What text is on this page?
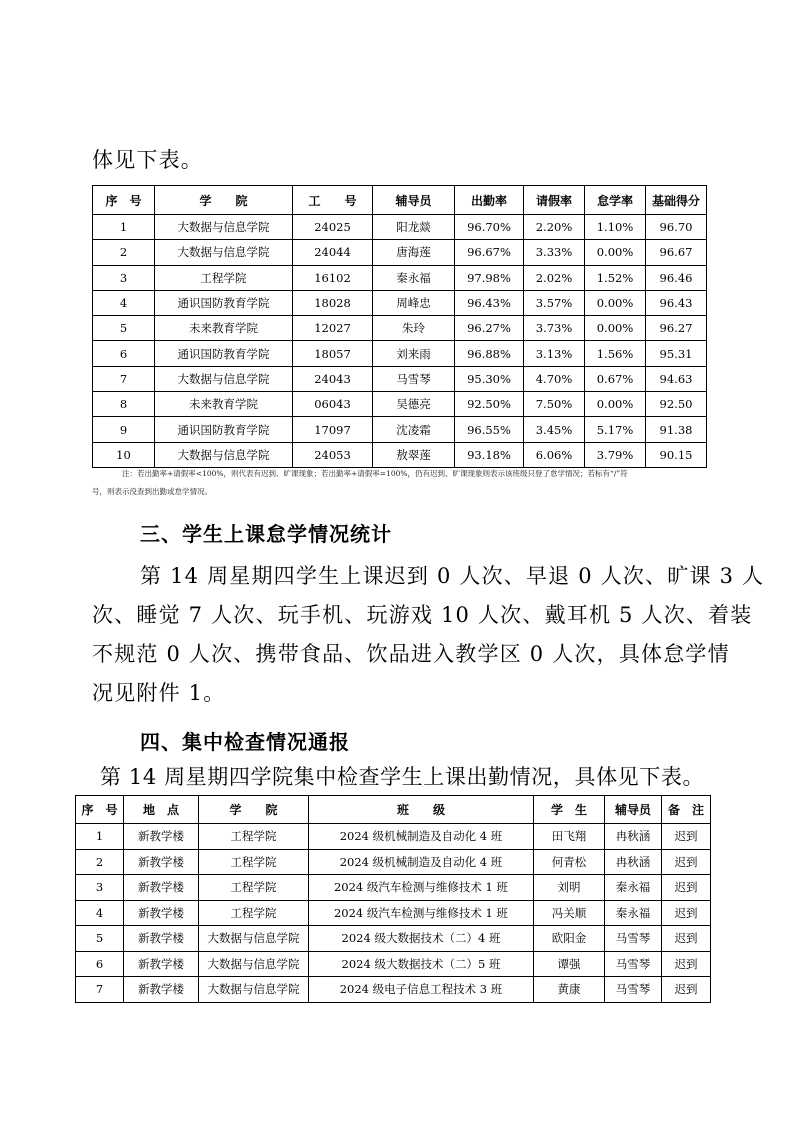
体见下表。
序　号	学　　院	工　　号	辅导员	出勤率	请假率	怠学率	基础得分
1	大数据与信息学院	24025	阳龙燚	96.70%	2.20%	1.10%	96.70
2	大数据与信息学院	24044	唐海莲	96.67%	3.33%	0.00%	96.67
3	工程学院	16102	秦永福	97.98%	2.02%	1.52%	96.46
4	通识国防教育学院	18028	周峰忠	96.43%	3.57%	0.00%	96.43
5	未来教育学院	12027	朱玲	96.27%	3.73%	0.00%	96.27
6	通识国防教育学院	18057	刘来雨	96.88%	3.13%	1.56%	95.31
7	大数据与信息学院	24043	马雪琴	95.30%	4.70%	0.67%	94.63
8	未来教育学院	06043	吴德亮	92.50%	7.50%	0.00%	92.50
9	通识国防教育学院	17097	沈凌霜	96.55%	3.45%	5.17%	91.38
10	大数据与信息学院	24053	敖翠莲	93.18%	6.06%	3.79%	90.15
注：若出勤率+请假率<100%，则代表有迟到、旷课现象；若出勤率+请假率=100%，仍有迟到、旷课现象则表示该班级只登了怠学情况；若标有“/”符
号，则表示没查到出勤或怠学情况。
三、学生上课怠学情况统计
第 14 周星期四学生上课迟到 0 人次、早退 0 人次、旷课 3 人
次、睡觉 7 人次、玩手机、玩游戏 10 人次、戴耳机 5 人次、着装
不规范 0 人次、携带食品、饮品进入教学区 0 人次，具体怠学情
况见附件 1。
四、集中检查情况通报
第 14 周星期四学院集中检查学生上课出勤情况，具体见下表。
序　号	地　点	学　　院	班　　级	学　生	辅导员	备　注
1	新教学楼	工程学院	2024 级机械制造及自动化 4 班	田飞翔	冉秋涵	迟到
2	新教学楼	工程学院	2024 级机械制造及自动化 4 班	何青松	冉秋涵	迟到
3	新教学楼	工程学院	2024 级汽车检测与维修技术 1 班	刘明	秦永福	迟到
4	新教学楼	工程学院	2024 级汽车检测与维修技术 1 班	冯关顺	秦永福	迟到
5	新教学楼	大数据与信息学院	2024 级大数据技术（二）4 班	欧阳金	马雪琴	迟到
6	新教学楼	大数据与信息学院	2024 级大数据技术（二）5 班	谭强	马雪琴	迟到
7	新教学楼	大数据与信息学院	2024 级电子信息工程技术 3 班	黄康	马雪琴	迟到
